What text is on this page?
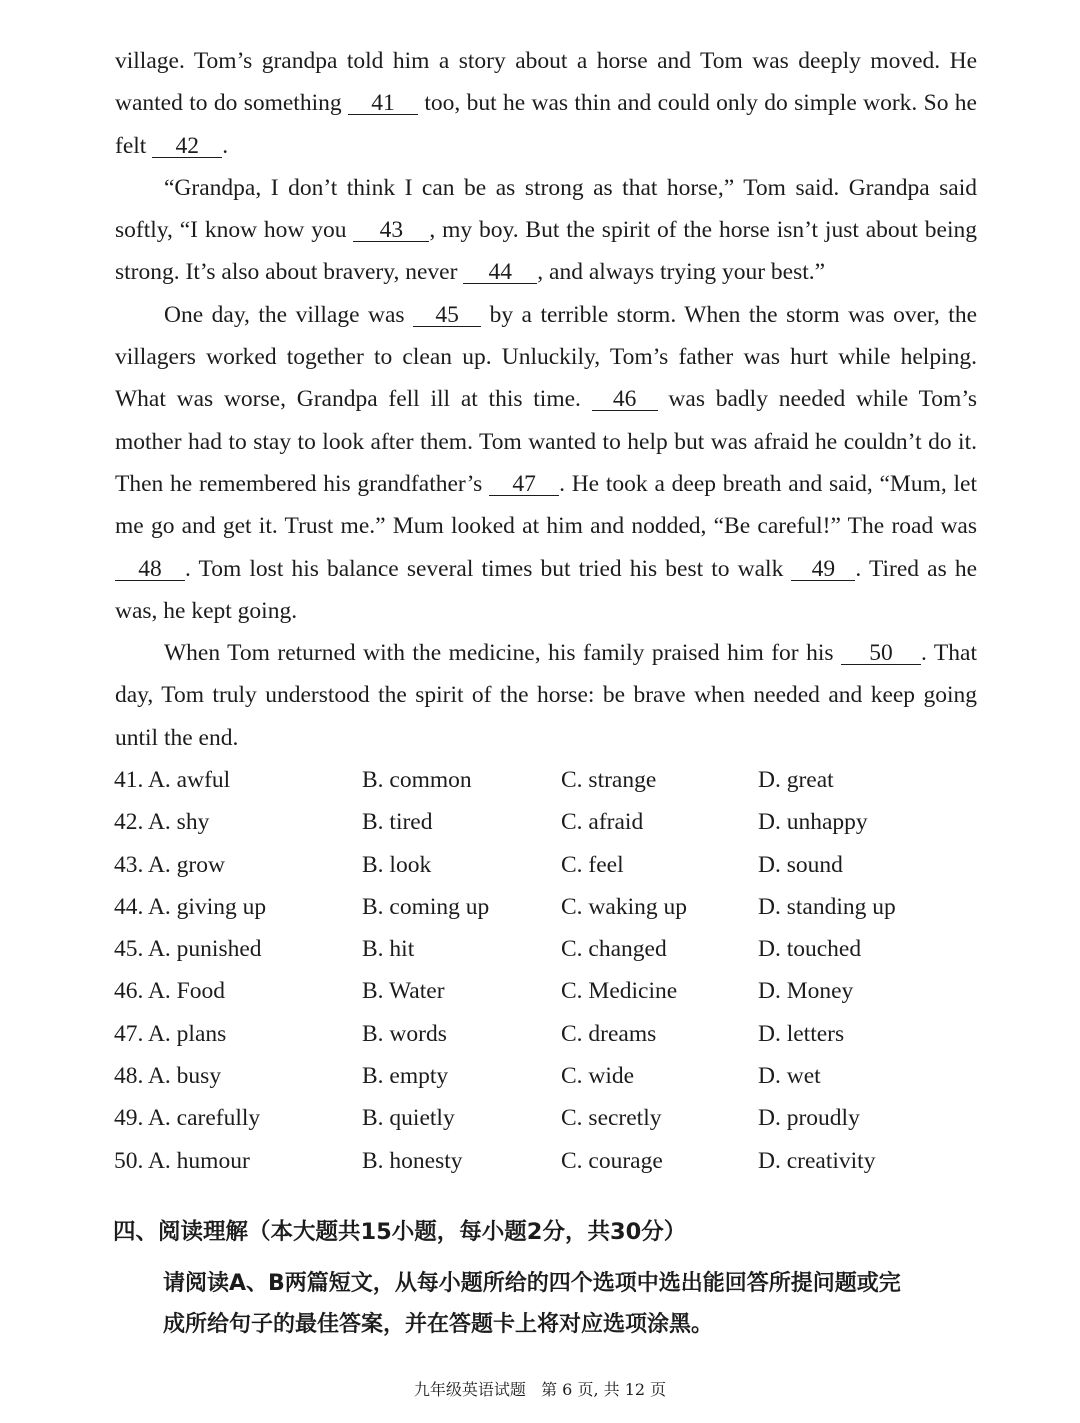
village. Tom’s grandpa told him a story about a horse and Tom was deeply moved. He wanted to do something 41 too, but he was thin and could only do simple work. So he felt 42 .

“Grandpa, I don’t think I can be as strong as that horse,” Tom said. Grandpa said softly, “I know how you 43 , my boy. But the spirit of the horse isn’t just about being strong. It’s also about bravery, never 44 , and always trying your best.”

One day, the village was 45 by a terrible storm. When the storm was over, the villagers worked together to clean up. Unluckily, Tom’s father was hurt while helping. What was worse, Grandpa fell ill at this time. 46 was badly needed while Tom’s mother had to stay to look after them. Tom wanted to help but was afraid he couldn’t do it. Then he remembered his grandfather’s 47 . He took a deep breath and said, “Mum, let me go and get it. Trust me.” Mum looked at him and nodded, “Be careful!” The road was 48 . Tom lost his balance several times but tried his best to walk 49 . Tired as he was, he kept going.

When Tom returned with the medicine, his family praised him for his 50 . That day, Tom truly understood the spirit of the horse: be brave when needed and keep going until the end.

41. A. awful	B. common	C. strange	D. great
42. A. shy	B. tired	C. afraid	D. unhappy
43. A. grow	B. look	C. feel	D. sound
44. A. giving up	B. coming up	C. waking up	D. standing up
45. A. punished	B. hit	C. changed	D. touched
46. A. Food	B. Water	C. Medicine	D. Money
47. A. plans	B. words	C. dreams	D. letters
48. A. busy	B. empty	C. wide	D. wet
49. A. carefully	B. quietly	C. secretly	D. proudly
50. A. humour	B. honesty	C. courage	D. creativity
四、阅读理解（本大题共15小题，每小题2分，共30分）
请阅读A、B两篇短文，从每小题所给的四个选项中选出能回答所提问题或完
成所给句子的最佳答案，并在答题卡上将对应选项涂黑。
九年级英语试题   第 6 页, 共 12 页
